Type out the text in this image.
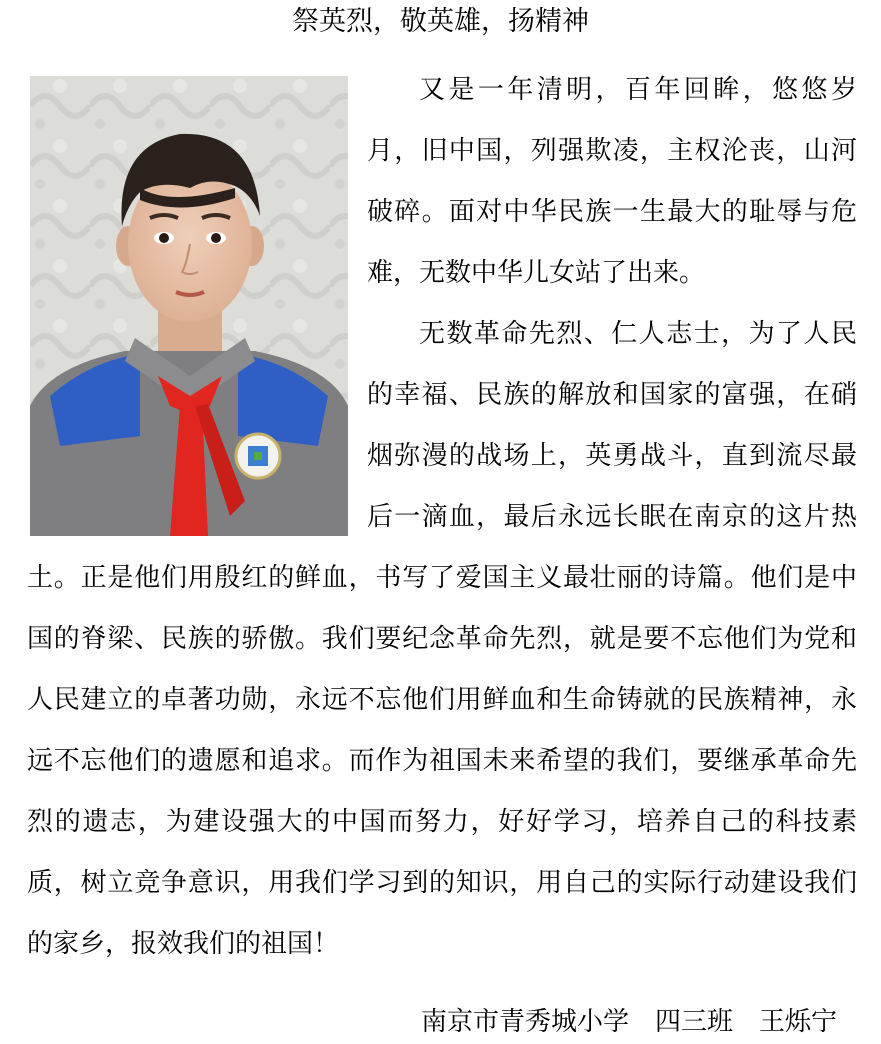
祭英烈，敬英雄，扬精神

又是一年清明，百年回眸，悠悠岁月，旧中国，列强欺凌，主权沦丧，山河破碎。面对中华民族一生最大的耻辱与危难，无数中华儿女站了出来。

无数革命先烈、仁人志士，为了人民的幸福、民族的解放和国家的富强，在硝烟弥漫的战场上，英勇战斗，直到流尽最后一滴血，最后永远长眠在南京的这片热土。正是他们用殷红的鲜血，书写了爱国主义最壮丽的诗篇。他们是中国的脊梁、民族的骄傲。我们要纪念革命先烈，就是要不忘他们为党和人民建立的卓著功勋，永远不忘他们用鲜血和生命铸就的民族精神，永远不忘他们的遗愿和追求。而作为祖国未来希望的我们，要继承革命先烈的遗志，为建设强大的中国而努力，好好学习，培养自己的科技素质，树立竞争意识，用我们学习到的知识，用自己的实际行动建设我们的家乡，报效我们的祖国！

南京市青秀城小学　四三班　王烁宁
